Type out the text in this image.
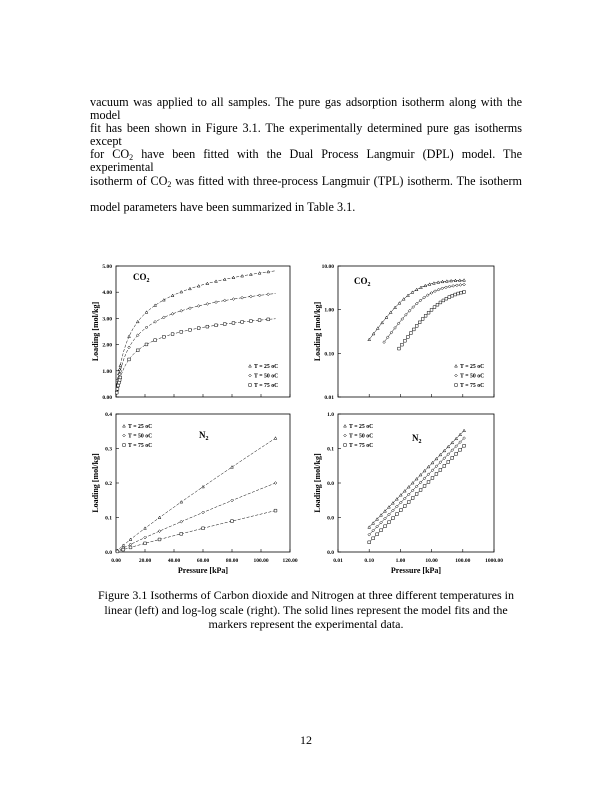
vacuum was applied to all samples. The pure gas adsorption isotherm along with the model
fit has been shown in Figure 3.1. The experimentally determined pure gas isotherms except
for $CO_2$ have been fitted with the Dual Process Langmuir (DPL) model. The experimental
isotherm of $CO_2$ was fitted with three-process Langmuir (TPL) isotherm. The isotherm
model parameters have been summarized in Table 3.1.
0.00
1.00
2.00
3.00
4.00
5.00
$CO_2$
T = 25 oC
T = 50 oC
T = 75 oC
Loading [mol/kg]
0.01
0.10
1.00
10.00
$CO_2$
T = 25 oC
T = 50 oC
T = 75 oC
Loading [mol/kg]
0.0
0.1
0.2
0.3
0.4
0.00	20.00	40.00	60.00	80.00	100.00	120.00
$N_2$
T = 25 oC
T = 50 oC
T = 75 oC
Loading [mol/kg]
Pressure [kPa]
0.0
0.0
0.0
0.1
1.0
0.01	0.10	1.00	10.00	100.00	1000.00
$N_2$
T = 25 oC
T = 50 oC
T = 75 oC
Loading [mol/kg]
Pressure [kPa]
Figure 3.1 Isotherms of Carbon dioxide and Nitrogen at three different temperatures in
linear (left) and log-log scale (right). The solid lines represent the model fits and the
markers represent the experimental data.
12
